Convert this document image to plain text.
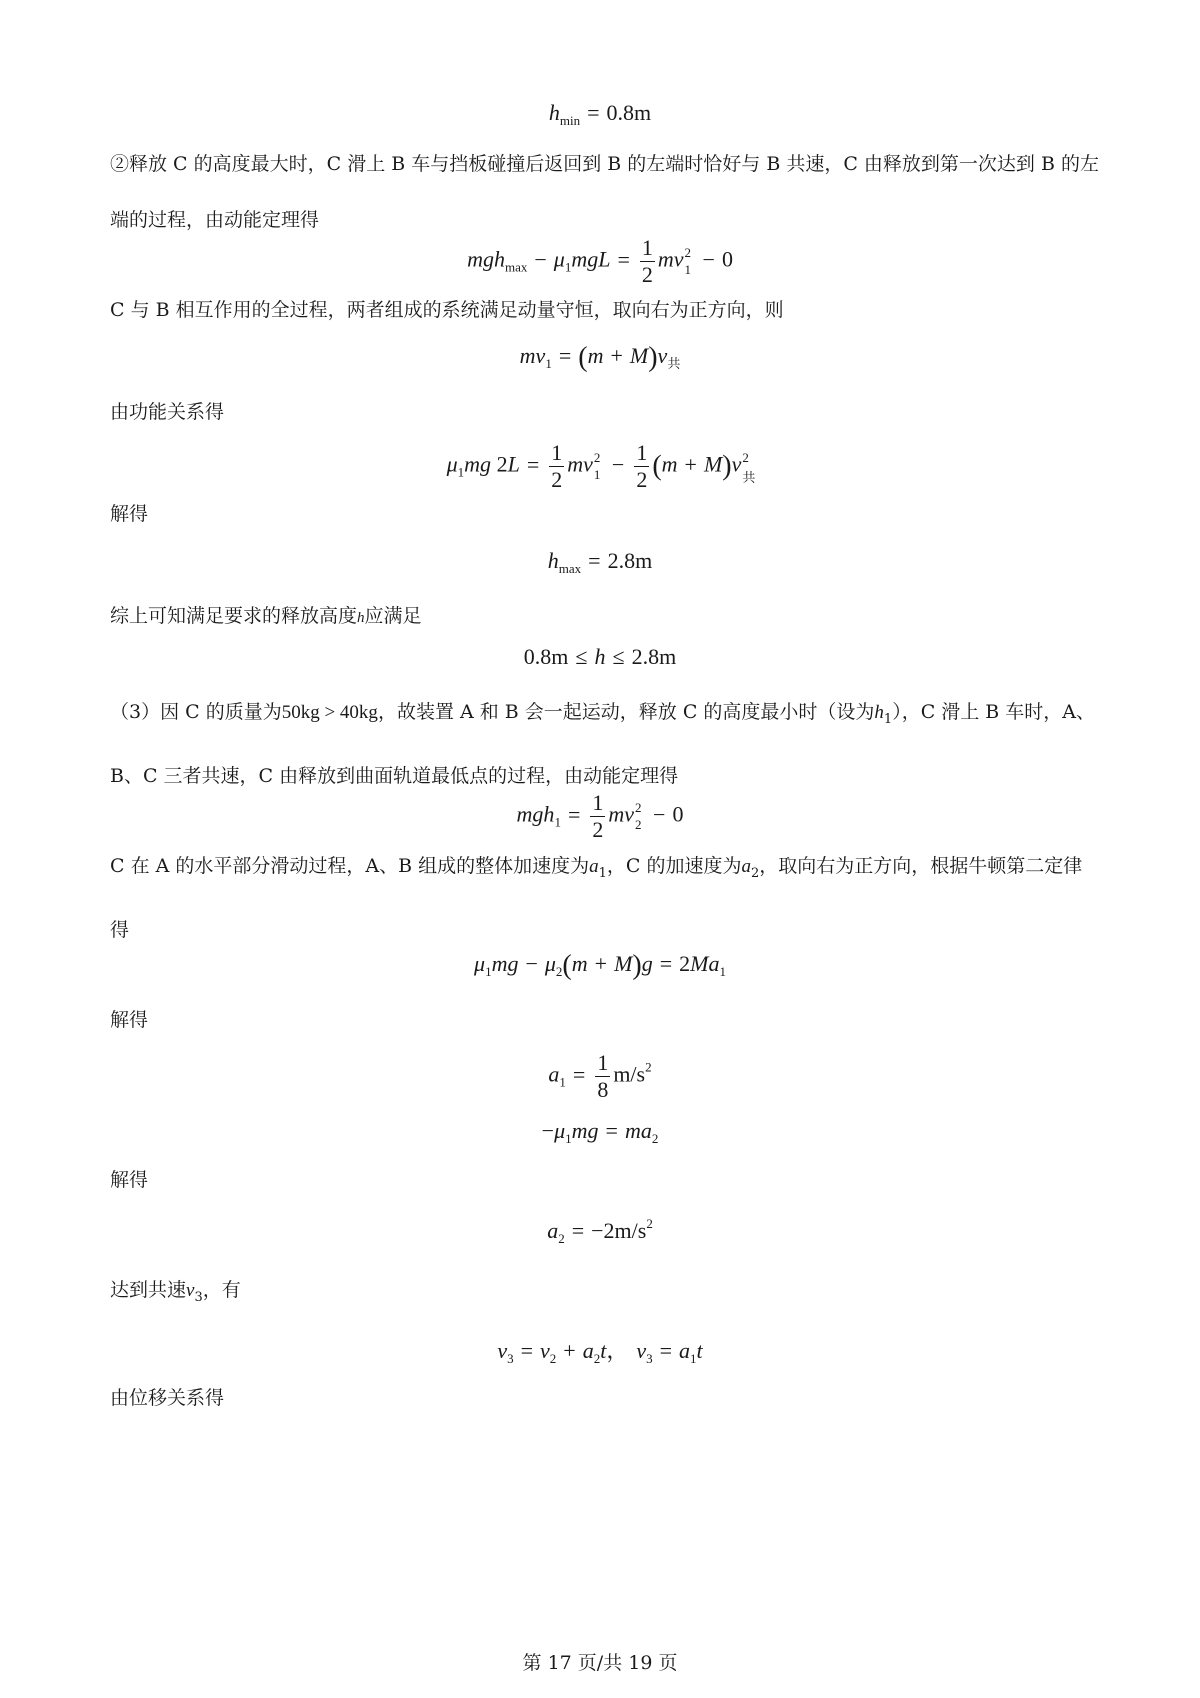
$h_{min} = 0.8m$

②释放 C 的高度最大时，C 滑上 B 车与挡板碰撞后返回到 B 的左端时恰好与 B 共速，C 由释放到第一次达到 B 的左端的过程，由动能定理得

$mgh_{max} - \mu_1mgL = \frac{1}{2}$ mv 2
1 − 0

C 与 B 相互作用的全过程，两者组成的系统满足动量守恒，取向右为正方向，则

$mv_1 = (m + M)v_共$

由功能关系得

$\mu_1mg$ $2L = \frac{1}{2}$ mv 2
$1 - \frac{1}{2} (m + M)v$ 2
共

解得

$h_{max} = 2.8m$

综上可知满足要求的释放高度h应满足

0.8m ≤ h ≤ 2.8m

（3）因 C 的质量为50kg > 40kg，故装置 A 和 B 会一起运动，释放 C 的高度最小时（设为$h_1$），C 滑上 B 车时，A、B、C 三者共速，C 由释放到曲面轨道最低点的过程，由动能定理得

$mgh_1 = \frac{1}{2}$ mv 2
2 − 0

C 在 A 的水平部分滑动过程，A、B 组成的整体加速度为$a_1$，C 的加速度为$a_2$，取向右为正方向，根据牛顿第二定律得

$\mu_1mg - \mu_2(m + M)g = 2Ma_1$

解得

$a_1 = \frac{1}{8} m/s^2$
$-\mu_1mg = ma_2$

解得

$a_2 = -2m/s^2$

达到共速$v_3$，有

$v_3 = v_2 + a_2t$， $v_3 = a_1t$

由位移关系得

第 17 页/共 19 页
